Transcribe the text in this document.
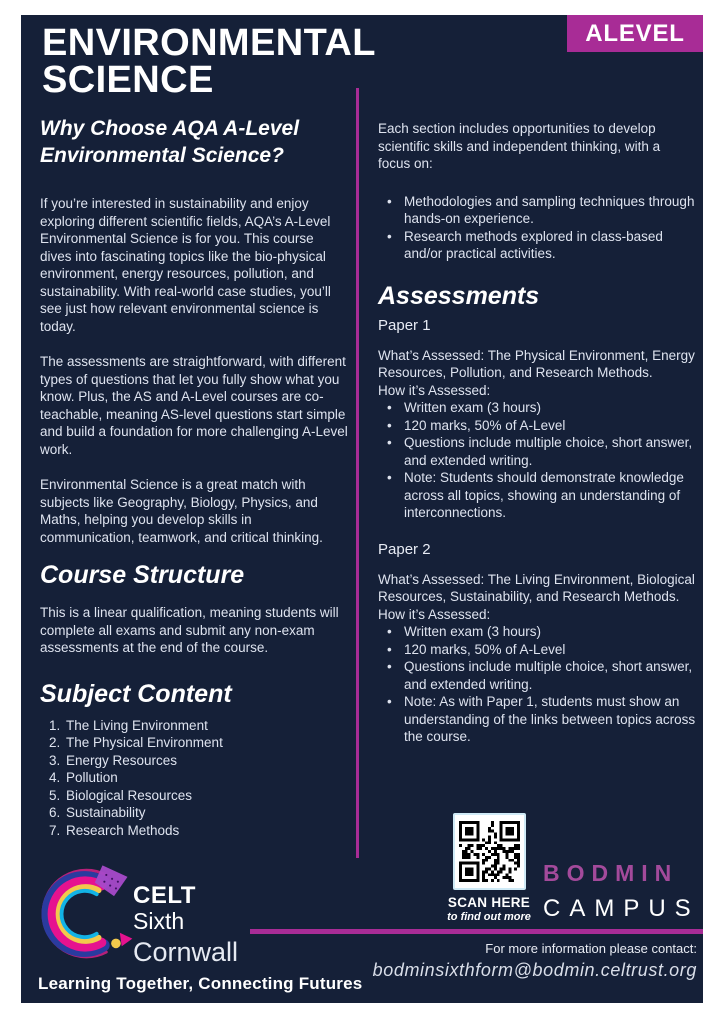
ENVIRONMENTAL
SCIENCE
ALEVEL
Why Choose AQA A-Level
Environmental Science?

If you’re interested in sustainability and enjoy exploring different scientific fields, AQA’s A-Level Environmental Science is for you. This course dives into fascinating topics like the bio-physical environment, energy resources, pollution, and sustainability. With real-world case studies, you’ll see just how relevant environmental science is today.

The assessments are straightforward, with different types of questions that let you fully show what you know. Plus, the AS and A-Level courses are co-teachable, meaning AS-level questions start simple and build a foundation for more challenging A-Level work.

Environmental Science is a great match with subjects like Geography, Biology, Physics, and Maths, helping you develop skills in communication, teamwork, and critical thinking.

Course Structure

This is a linear qualification, meaning students will complete all exams and submit any non-exam assessments at the end of the course.

Subject Content
1. The Living Environment
2. The Physical Environment
3. Energy Resources
4. Pollution
5. Biological Resources
6. Sustainability
7. Research Methods

Each section includes opportunities to develop scientific skills and independent thinking, with a focus on:

• Methodologies and sampling techniques through hands-on experience.
• Research methods explored in class-based and/or practical activities.
Assessments
Paper 1

What’s Assessed: The Physical Environment, Energy Resources, Pollution, and Research Methods.

How it’s Assessed:

• Written exam (3 hours)
• 120 marks, 50% of A-Level
• Questions include multiple choice, short answer, and extended writing.
• Note: Students should demonstrate knowledge across all topics, showing an understanding of interconnections.
Paper 2

What’s Assessed: The Living Environment, Biological Resources, Sustainability, and Research Methods.

How it’s Assessed:

• Written exam (3 hours)
• 120 marks, 50% of A-Level
• Questions include multiple choice, short answer, and extended writing.
• Note: As with Paper 1, students must show an understanding of the links between topics across the course.
SCAN HERE
to find out more
BODMIN
CAMPUS
For more information please contact:
bodminsixthform@bodmin.celtrust.org
CELT
Sixth
Cornwall
Learning Together, Connecting Futures
